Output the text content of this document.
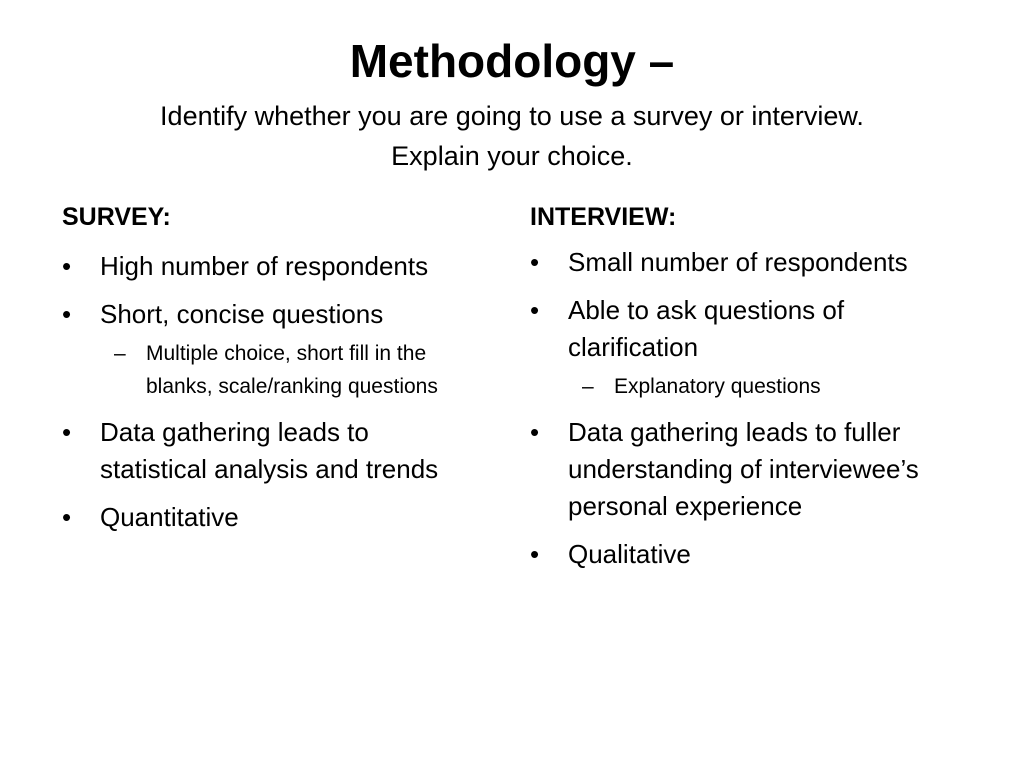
Methodology –

Identify whether you are going to use a survey or interview.
Explain your choice.

SURVEY:
•	High number of respondents
•	Short, concise questions
– Multiple choice, short fill in the blanks, scale/ranking questions
•	Data gathering leads to statistical analysis and trends
•	Quantitative
INTERVIEW:
•	Small number of respondents
•	Able to ask questions of clarification
– Explanatory questions
•	Data gathering leads to fuller understanding of interviewee’s personal experience
•	Qualitative
